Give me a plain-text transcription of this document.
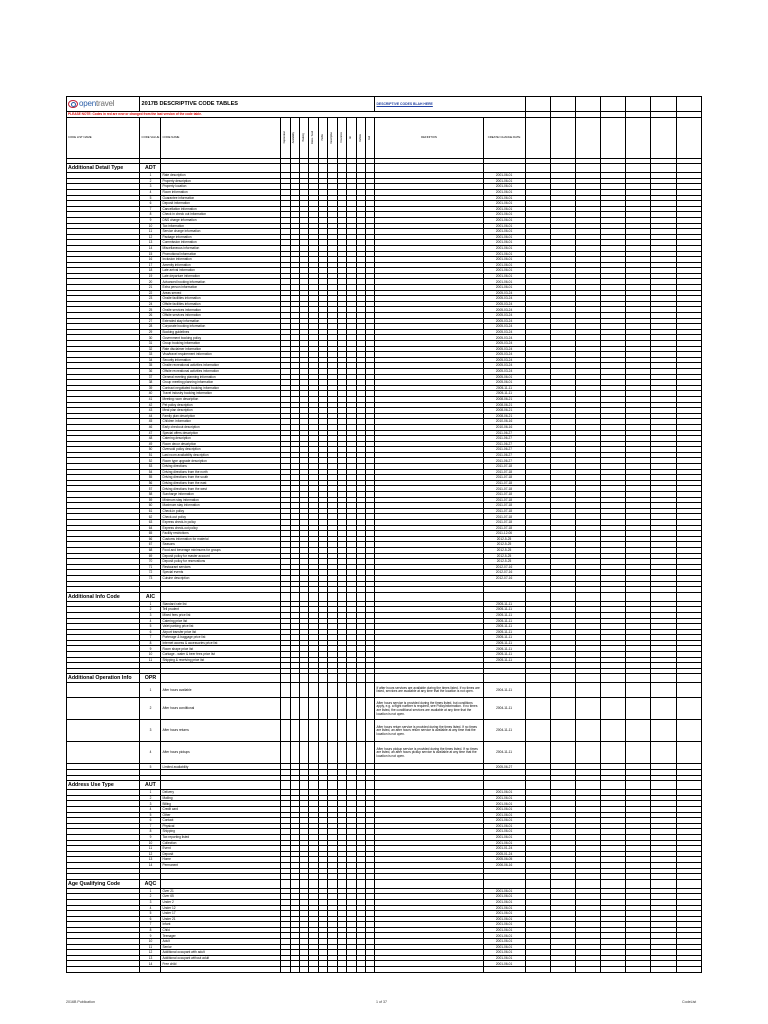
opentravel	2017B DESCRIPTIVE CODE TABLES												DESCRIPTIVE CODES BLAH HERE								
PLEASE NOTE: Codes in red are new or changed from the last version of the code table.																					
CODE LIST NAME	CODE VALUE	CODE NAME	Deprecated	Availability	Booking	Rates / Avail	Profile	Descriptive	Insurance	Air	Vehicle	Rail	DEFINITION	CREATE/ CHANGE DATE							

Additional Detail Type	ADT																				
	1	Rate description												2001-06-01							
	2	Property description												2001-06-01							
	3	Property location												2001-06-01							
	4	Room information												2001-06-01							
	5	Guarantee information												2001-06-01							
	6	Deposit information												2001-06-01							
	7	Cancellation information												2001-06-01							
	8	Check in check out information												2001-06-01							
	9	DNS charge information												2001-06-01							
	10	Tax information												2001-06-01							
	11	Service charge information												2001-06-01							
	12	Package information												2001-06-01							
	13	Commission information												2001-06-01							
	14	Miscellaneous information												2001-06-01							
	15	Promotional information												2001-06-01							
	16	Inclusion information												2001-06-01							
	17	Amenity information												2001-06-01							
	18	Late arrival information												2001-06-01							
	19	Late departure information												2001-06-01							
	20	Advanced booking information												2001-06-01							
	21	Extra person information												2001-06-01							
	22	Areas served												2005-03-24							
	23	Onsite facilities information												2005-03-24							
	24	Offsite facilities information												2005-03-24							
	25	Onsite services information												2005-03-24							
	26	Offsite services information												2005-03-24							
	27	Extended stay information												2005-03-24							
	28	Corporate booking information												2005-03-24							
	29	Booking guidelines												2005-03-24							
	30	Government booking policy												2005-03-24							
	31	Group booking information												2005-03-24							
	32	Rate disclaimer information												2005-03-24							
	33	Visa/travel requirement information												2005-03-24							
	34	Security information												2005-03-24							
	35	Onsite recreational activities information												2005-03-24							
	36	Offsite recreational activities information												2005-03-24							
	37	General meeting planning information												2005-06-01							
	38	Group meeting planning information												2005-06-01							
	39	Contract negotiated booking information												2005-11-11							
	40	Travel industry booking information												2005-11-11							
	41	Meeting room description												2008-06-21							
	42	Pet policy description												2008-06-21							
	43	Meal plan description												2008-06-21							
	44	Family plan description												2008-06-21							
	45	Children information												2010-06-16							
	46	Early checkout description												2010-06-16							
	47	Special offers description												2011-06-27							
	48	Catering description												2011-06-27							
	49	Room decor description												2011-06-27							
	50	Oversold policy description												2011-06-27							
	51	Last room availability description												2011-06-27							
	52	Room type upgrade description												2011-06-27							
	53	Driving directions												2011-07-18							
	54	Driving directions from the north												2011-07-18							
	55	Driving directions from the south												2011-07-18							
	56	Driving directions from the east												2011-07-18							
	57	Driving directions from the west												2011-07-18							
	58	Surcharge information												2011-07-18							
	59	Minimum stay information												2011-07-18							
	60	Maximum stay information												2011-07-18							
	61	Check-in policy												2011-07-18							
	62	Check-out policy												2011-07-18							
	63	Express check-in policy												2011-07-18							
	64	Express check-out policy												2011-07-18							
	65	Facility restrictions												2011-12-06							
	66	Customs information for material												2012-5-25							
	67	Seasons												2012-5-25							
	68	Food and beverage minimums for groups												2012-5-25							
	69	Deposit policy for master account												2012-5-25							
	70	Deposit policy for reservations												2012-5-25							
	71	Restaurant services												2012-07-16							
	72	Special events												2012-07-16							
	73	Cuisine description												2012-07-16							

Additional Info Code	AIC																				
	1	Standard rate list												2005-11-11							
	2	Tell prudent												2005-11-11							
	3	Mixed fees price list												2005-11-11							
	4	Catering price list												2005-11-11							
	5	Valet parking price list												2005-11-11							
	6	Airport transfer price list												2005-11-11							
	7	Porterage & baggage price list												2005-11-11							
	8	Internet access & accessories price list												2005-11-11							
	9	Room shape price list												2005-11-11							
	10	Corkage - water & beer fees price list												2005-11-11							
	11	Shipping & receiving price list												2005-11-11							

Additional Operation Info	OPR																				
	1	After hours available											If after hours services are available during the times listed. If no times are listed, services are available at any time that the location is not open.	2004-11-11							
	2	After hours conditional											After hours service is provided during the times listed, but conditions apply, e.g. a flight number is required, see PolicyInformation. If no times are listed, the conditional services are available at any time that the location is not open.	2004-11-11							
	3	After hours returns											After hours return service is provided during the times listed. If no times are listed, an after hours return service is available at any time that the location is not open.	2004-11-11							
	4	After hours pickups											After hours pickup service is provided during the times listed. If no times are listed, an after hours pickup service is available at any time that the location is not open.	2004-11-11							
	5	Limited availability												2005-06-27							

Address Use Type	AUT																				
	1	Delivery												2001-06-01							
	2	Mailing												2001-06-01							
	3	Billing												2001-06-01							
	4	Credit card												2001-06-01							
	5	Other												2001-06-01							
	6	Contact												2001-06-01							
	7	Physical												2001-06-01							
	8	Shipping												2001-06-01							
	9	Tax reporting listed												2001-06-01							
	10	Collection												2001-06-01							
	11	Event												2001-01-24							
	12	Deposit												2005-01-24							
	13	Home												2005-06-05							
	14	Permanent												2006-06-16							

Age Qualifying Code	AQC																				
	1	Over 21												2001-06-01							
	2	Over 65												2001-06-01							
	3	Under 2												2001-06-01							
	4	Under 12												2001-06-01							
	5	Under 17												2001-06-01							
	6	Under 21												2001-06-01							
	7	Infant												2001-06-01							
	8	Child												2001-06-01							
	9	Teenager												2001-06-01							
	10	Adult												2001-06-01							
	11	Senior												2001-06-01							
	12	Additional occupant with adult												2001-06-01							
	13	Additional occupant without adult												2001-06-01							
	14	Free child												2001-06-01							

2016B Publication	1 of 37	CodeList
